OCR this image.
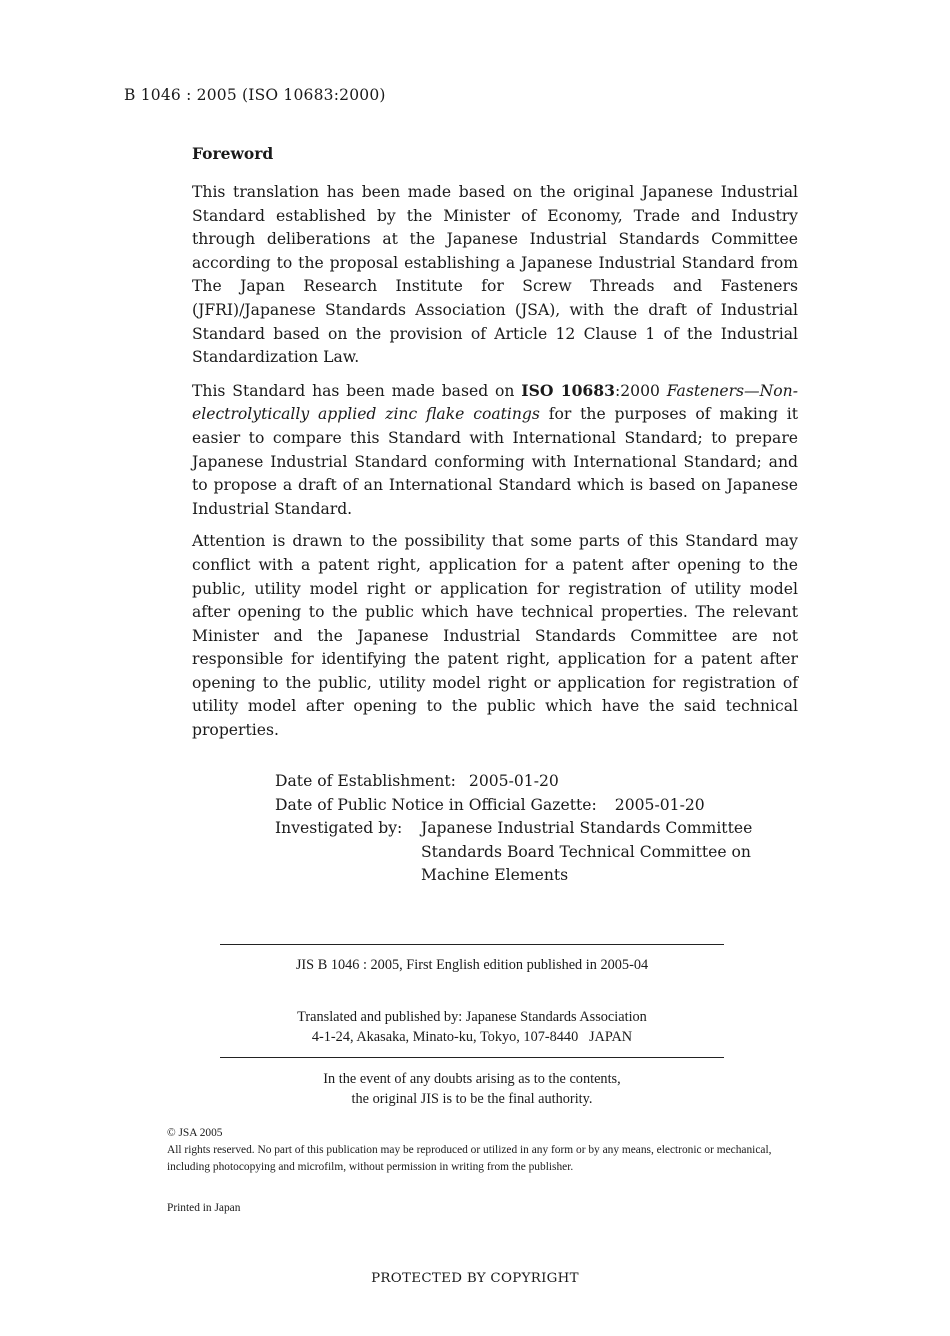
B 1046 : 2005 (ISO 10683:2000)
Foreword

This translation has been made based on the original Japanese Industrial Standard established by the Minister of Economy, Trade and Industry through deliberations at the Japanese Industrial Standards Committee according to the proposal establishing a Japanese Industrial Standard from The Japan Research Institute for Screw Threads and Fasteners (JFRI)/Japanese Standards Association (JSA), with the draft of Industrial Standard based on the provision of Article 12 Clause 1 of the Industrial Standardization Law.

This Standard has been made based on ISO 10683:2000 Fasteners—Non-electrolytically applied zinc flake coatings for the purposes of making it easier to compare this Standard with International Standard; to prepare Japanese Industrial Standard conforming with International Standard; and to propose a draft of an International Standard which is based on Japanese Industrial Standard.

Attention is drawn to the possibility that some parts of this Standard may conflict with a patent right, application for a patent after opening to the public, utility model right or application for registration of utility model after opening to the public which have technical properties. The relevant Minister and the Japanese Industrial Standards Committee are not responsible for identifying the patent right, application for a patent after opening to the public, utility model right or application for registration of utility model after opening to the public which have the said technical properties.

Date of Establishment: 2005-01-20
Date of Public Notice in Official Gazette: 2005-01-20
Investigated by: Japanese Industrial Standards Committee
Standards Board Technical Committee on
Machine Elements
JIS B 1046 : 2005, First English edition published in 2005-04
Translated and published by: Japanese Standards Association
4-1-24, Akasaka, Minato-ku, Tokyo, 107-8440   JAPAN
In the event of any doubts arising as to the contents,
the original JIS is to be the final authority.
© JSA 2005
All rights reserved. No part of this publication may be reproduced or utilized in any form or by any means, electronic or mechanical, including photocopying and microfilm, without permission in writing from the publisher.
Printed in Japan
PROTECTED BY COPYRIGHT
